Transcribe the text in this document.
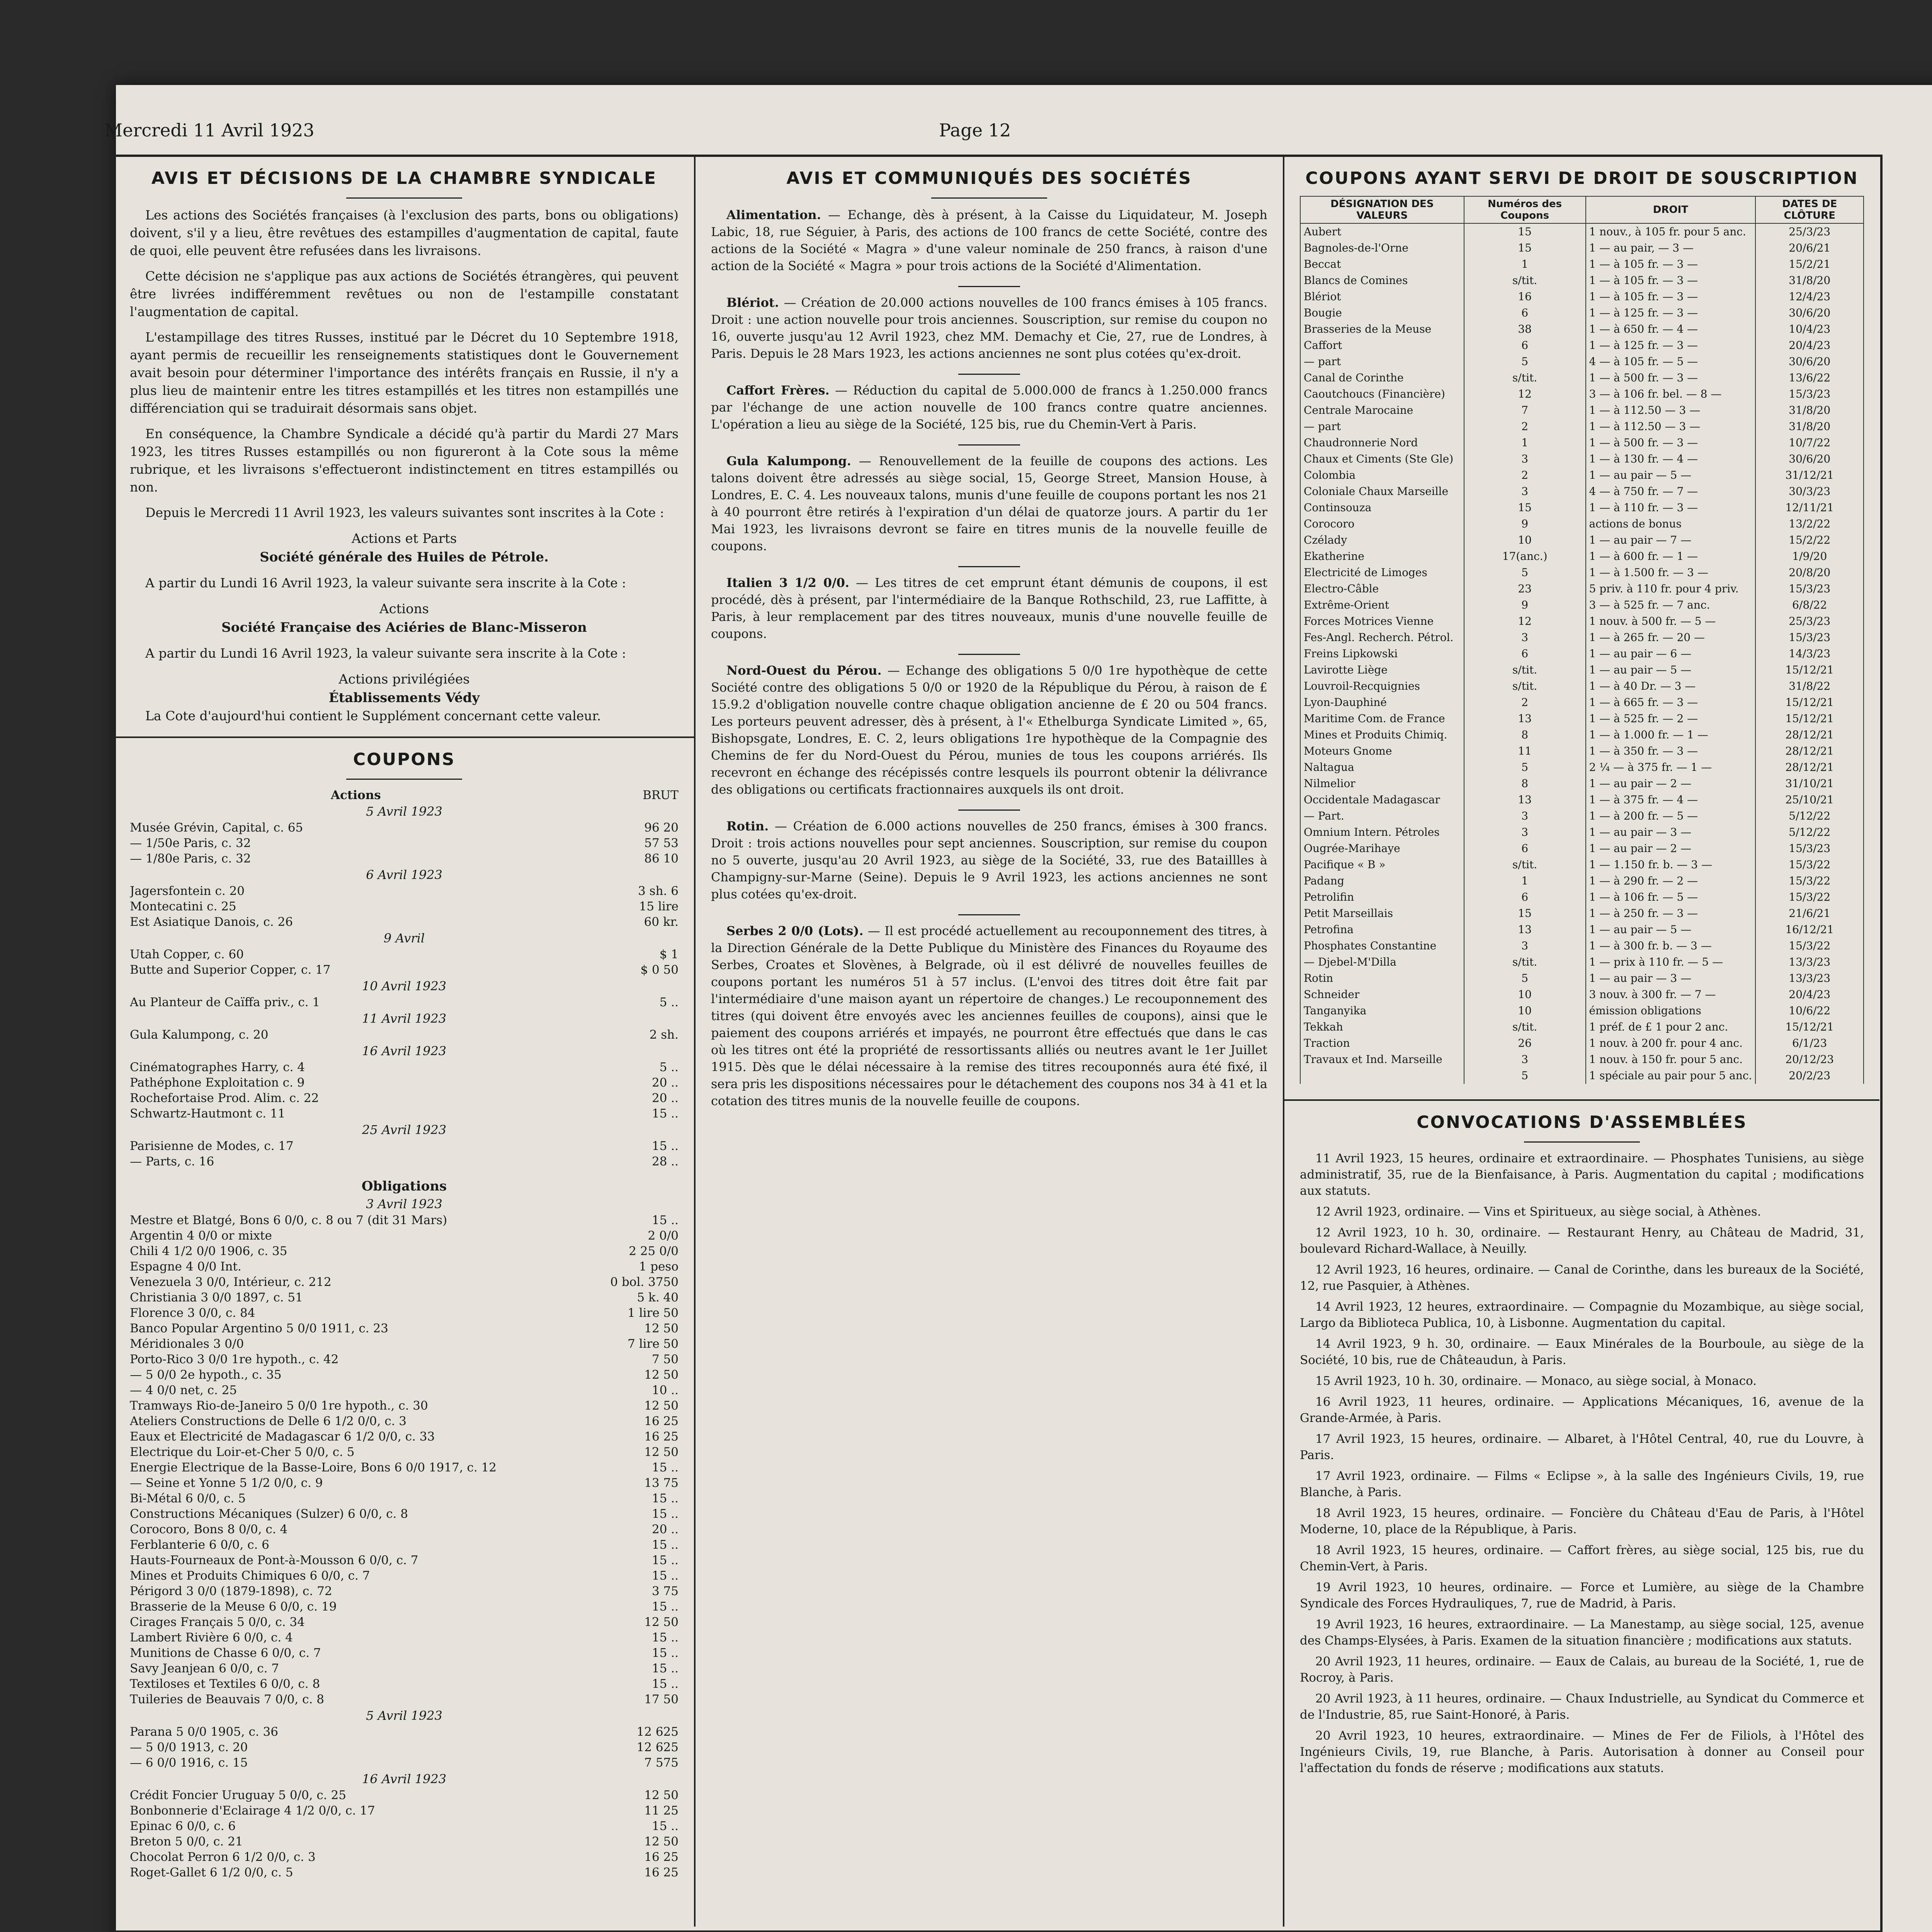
Mercredi 11 Avril 1923	Page 12
AVIS ET DÉCISIONS DE LA CHAMBRE SYNDICALE
Les actions des Sociétés françaises (à l'exclusion des parts, bons ou obligations) doivent, s'il y a lieu, être revêtues des estampilles d'augmentation de capital, faute de quoi, elle peuvent être refusées dans les livraisons.
Cette décision ne s'applique pas aux actions de Sociétés étrangères, qui peuvent être livrées indifféremment revêtues ou non de l'estampille constatant l'augmentation de capital.
L'estampillage des titres Russes, institué par le Décret du 10 Septembre 1918, ayant permis de recueillir les renseignements statistiques dont le Gouvernement avait besoin pour déterminer l'importance des intérêts français en Russie, il n'y a plus lieu de maintenir entre les titres estampillés et les titres non estampillés une différenciation qui se traduirait désormais sans objet.
En conséquence, la Chambre Syndicale a décidé qu'à partir du Mardi 27 Mars 1923, les titres Russes estampillés ou non figureront à la Cote sous la même rubrique, et les livraisons s'effectueront indistinctement en titres estampillés ou non.
Depuis le Mercredi 11 Avril 1923, les valeurs suivantes sont inscrites à la Cote :
Actions et Parts
Société générale des Huiles de Pétrole.
A partir du Lundi 16 Avril 1923, la valeur suivante sera inscrite à la Cote :
Actions
Société Française des Aciéries de Blanc-Misseron
A partir du Lundi 16 Avril 1923, la valeur suivante sera inscrite à la Cote :
Actions privilégiées
Établissements Védy
La Cote d'aujourd'hui contient le Supplément concernant cette valeur.
COUPONS
Actions	BRUT
5 Avril 1923
Musée Grévin, Capital, c. 65	96 20
— 1/50e Paris, c. 32	57 53
— 1/80e Paris, c. 32	86 10
6 Avril 1923
Jagersfontein c. 20	3 sh. 6
Montecatini c. 25	15 lire
Est Asiatique Danois, c. 26	60 kr.
9 Avril
Utah Copper, c. 60	$ 1
Butte and Superior Copper, c. 17	$ 0 50
10 Avril 1923
Au Planteur de Caïffa priv., c. 1	5 ..
11 Avril 1923
Gula Kalumpong, c. 20	2 sh.
16 Avril 1923
Cinématographes Harry, c. 4	5 ..
Pathéphone Exploitation c. 9	20 ..
Rochefortaise Prod. Alim. c. 22	20 ..
Schwartz-Hautmont c. 11	15 ..
25 Avril 1923
Parisienne de Modes, c. 17	15 ..
— Parts, c. 16	28 ..
Obligations
3 Avril 1923
Mestre et Blatgé, Bons 6 0/0, c. 8 ou 7 (dit 31 Mars)	15 ..
Argentin 4 0/0 or mixte	2 0/0
Chili 4 1/2 0/0 1906, c. 35	2 25 0/0
Espagne 4 0/0 Int.	1 peso
Venezuela 3 0/0, Intérieur, c. 212	0 bol. 3750
Christiania 3 0/0 1897, c. 51	5 k. 40
Florence 3 0/0, c. 84	1 lire 50
Banco Popular Argentino 5 0/0 1911, c. 23	12 50
Méridionales 3 0/0	7 lire 50
Porto-Rico 3 0/0 1re hypoth., c. 42	7 50
— 5 0/0 2e hypoth., c. 35	12 50
— 4 0/0 net, c. 25	10 ..
Tramways Rio-de-Janeiro 5 0/0 1re hypoth., c. 30	12 50
Ateliers Constructions de Delle 6 1/2 0/0, c. 3	16 25
Eaux et Electricité de Madagascar 6 1/2 0/0, c. 33	16 25
Electrique du Loir-et-Cher 5 0/0, c. 5	12 50
Energie Electrique de la Basse-Loire, Bons 6 0/0 1917, c. 12	15 ..
— Seine et Yonne 5 1/2 0/0, c. 9	13 75
Bi-Métal 6 0/0, c. 5	15 ..
Constructions Mécaniques (Sulzer) 6 0/0, c. 8	15 ..
Corocoro, Bons 8 0/0, c. 4	20 ..
Ferblanterie 6 0/0, c. 6	15 ..
Hauts-Fourneaux de Pont-à-Mousson 6 0/0, c. 7	15 ..
Mines et Produits Chimiques 6 0/0, c. 7	15 ..
Périgord 3 0/0 (1879-1898), c. 72	3 75
Brasserie de la Meuse 6 0/0, c. 19	15 ..
Cirages Français 5 0/0, c. 34	12 50
Lambert Rivière 6 0/0, c. 4	15 ..
Munitions de Chasse 6 0/0, c. 7	15 ..
Savy Jeanjean 6 0/0, c. 7	15 ..
Textiloses et Textiles 6 0/0, c. 8	15 ..
Tuileries de Beauvais 7 0/0, c. 8	17 50
5 Avril 1923
Parana 5 0/0 1905, c. 36	12 625
— 5 0/0 1913, c. 20	12 625
— 6 0/0 1916, c. 15	7 575
16 Avril 1923
Crédit Foncier Uruguay 5 0/0, c. 25	12 50
Bonbonnerie d'Eclairage 4 1/2 0/0, c. 17	11 25
Epinac 6 0/0, c. 6	15 ..
Breton 5 0/0, c. 21	12 50
Chocolat Perron 6 1/2 0/0, c. 3	16 25
Roget-Gallet 6 1/2 0/0, c. 5	16 25
AVIS ET COMMUNIQUÉS DES SOCIÉTÉS
Alimentation. — Echange, dès à présent, à la Caisse du Liquidateur, M. Joseph Labic, 18, rue Séguier, à Paris, des actions de 100 francs de cette Société, contre des actions de la Société « Magra » d'une valeur nominale de 250 francs, à raison d'une action de la Société « Magra » pour trois actions de la Société d'Alimentation.
Blériot. — Création de 20.000 actions nouvelles de 100 francs émises à 105 francs. Droit : une action nouvelle pour trois anciennes. Souscription, sur remise du coupon no 16, ouverte jusqu'au 12 Avril 1923, chez MM. Demachy et Cie, 27, rue de Londres, à Paris. Depuis le 28 Mars 1923, les actions anciennes ne sont plus cotées qu'ex-droit.
Caffort Frères. — Réduction du capital de 5.000.000 de francs à 1.250.000 francs par l'échange de une action nouvelle de 100 francs contre quatre anciennes. L'opération a lieu au siège de la Société, 125 bis, rue du Chemin-Vert à Paris.
Gula Kalumpong. — Renouvellement de la feuille de coupons des actions. Les talons doivent être adressés au siège social, 15, George Street, Mansion House, à Londres, E. C. 4. Les nouveaux talons, munis d'une feuille de coupons portant les nos 21 à 40 pourront être retirés à l'expiration d'un délai de quatorze jours. A partir du 1er Mai 1923, les livraisons devront se faire en titres munis de la nouvelle feuille de coupons.
Italien 3 1/2 0/0. — Les titres de cet emprunt étant démunis de coupons, il est procédé, dès à présent, par l'intermédiaire de la Banque Rothschild, 23, rue Laffitte, à Paris, à leur remplacement par des titres nouveaux, munis d'une nouvelle feuille de coupons.
Nord-Ouest du Pérou. — Echange des obligations 5 0/0 1re hypothèque de cette Société contre des obligations 5 0/0 or 1920 de la République du Pérou, à raison de £ 15.9.2 d'obligation nouvelle contre chaque obligation ancienne de £ 20 ou 504 francs. Les porteurs peuvent adresser, dès à présent, à l'« Ethelburga Syndicate Limited », 65, Bishopsgate, Londres, E. C. 2, leurs obligations 1re hypothèque de la Compagnie des Chemins de fer du Nord-Ouest du Pérou, munies de tous les coupons arriérés. Ils recevront en échange des récépissés contre lesquels ils pourront obtenir la délivrance des obligations ou certificats fractionnaires auxquels ils ont droit.
Rotin. — Création de 6.000 actions nouvelles de 250 francs, émises à 300 francs. Droit : trois actions nouvelles pour sept anciennes. Souscription, sur remise du coupon no 5 ouverte, jusqu'au 20 Avril 1923, au siège de la Société, 33, rue des Bataillles à Champigny-sur-Marne (Seine). Depuis le 9 Avril 1923, les actions anciennes ne sont plus cotées qu'ex-droit.
Serbes 2 0/0 (Lots). — Il est procédé actuellement au recouponnement des titres, à la Direction Générale de la Dette Publique du Ministère des Finances du Royaume des Serbes, Croates et Slovènes, à Belgrade, où il est délivré de nouvelles feuilles de coupons portant les numéros 51 à 57 inclus. (L'envoi des titres doit être fait par l'intermédiaire d'une maison ayant un répertoire de changes.) Le recouponnement des titres (qui doivent être envoyés avec les anciennes feuilles de coupons), ainsi que le paiement des coupons arriérés et impayés, ne pourront être effectués que dans le cas où les titres ont été la propriété de ressortissants alliés ou neutres avant le 1er Juillet 1915. Dès que le délai nécessaire à la remise des titres recouponnés aura été fixé, il sera pris les dispositions nécessaires pour le détachement des coupons nos 34 à 41 et la cotation des titres munis de la nouvelle feuille de coupons.
COUPONS AYANT SERVI DE DROIT DE SOUSCRIPTION
DÉSIGNATION DES VALEURS	Numéros des Coupons	DROIT	DATES DE CLÔTURE
Aubert	15	1 nouv., à 105 fr. pour 5 anc.	25/3/23
Bagnoles-de-l'Orne	15	1 — au pair, — 3 —	20/6/21
Beccat	1	1 — à 105 fr. — 3 —	15/2/21
Blancs de Comines	s/tit.	1 — à 105 fr. — 3 —	31/8/20
Blériot	16	1 — à 105 fr. — 3 —	12/4/23
Bougie	6	1 — à 125 fr. — 3 —	30/6/20
Brasseries de la Meuse	38	1 — à 650 fr. — 4 —	10/4/23
Caffort	6	1 — à 125 fr. — 3 —	20/4/23
— part	5	4 — à 105 fr. — 5 —	30/6/20
Canal de Corinthe	s/tit.	1 — à 500 fr. — 3 —	13/6/22
Caoutchoucs (Financière)	12	3 — à 106 fr. bel. — 8 —	15/3/23
Centrale Marocaine	7	1 — à 112.50 — 3 —	31/8/20
— part	2	1 — à 112.50 — 3 —	31/8/20
Chaudronnerie Nord	1	1 — à 500 fr. — 3 —	10/7/22
Chaux et Ciments (Ste Gle)	3	1 — à 130 fr. — 4 —	30/6/20
Colombia	2	1 — au pair — 5 —	31/12/21
Coloniale Chaux Marseille	3	4 — à 750 fr. — 7 —	30/3/23
Continsouza	15	1 — à 110 fr. — 3 —	12/11/21
Corocoro	9	actions de bonus	13/2/22
Czélady	10	1 — au pair — 7 —	15/2/22
Ekatherine	17(anc.)	1 — à 600 fr. — 1 —	1/9/20
Electricité de Limoges	5	1 — à 1.500 fr. — 3 —	20/8/20
Electro-Câble	23	5 priv. à 110 fr. pour 4 priv.	15/3/23
Extrême-Orient	9	3 — à 525 fr. — 7 anc.	6/8/22
Forces Motrices Vienne	12	1 nouv. à 500 fr. — 5 —	25/3/23
Fes-Angl. Recherch. Pétrol.	3	1 — à 265 fr. — 20 —	15/3/23
Freins Lipkowski	6	1 — au pair — 6 —	14/3/23
Lavirotte Liège	s/tit.	1 — au pair — 5 —	15/12/21
Louvroil-Recquignies	s/tit.	1 — à 40 Dr. — 3 —	31/8/22
Lyon-Dauphiné	2	1 — à 665 fr. — 3 —	15/12/21
Maritime Com. de France	13	1 — à 525 fr. — 2 —	15/12/21
Mines et Produits Chimiq.	8	1 — à 1.000 fr. — 1 —	28/12/21
Moteurs Gnome	11	1 — à 350 fr. — 3 —	28/12/21
Naltagua	5	2 ¼ — à 375 fr. — 1 —	28/12/21
Nilmelior	8	1 — au pair — 2 —	31/10/21
Occidentale Madagascar	13	1 — à 375 fr. — 4 —	25/10/21
— Part.	3	1 — à 200 fr. — 5 —	5/12/22
Omnium Intern. Pétroles	3	1 — au pair — 3 —	5/12/22
Ougrée-Marihaye	6	1 — au pair — 2 —	15/3/23
Pacifique « B »	s/tit.	1 — 1.150 fr. b. — 3 —	15/3/22
Padang	1	1 — à 290 fr. — 2 —	15/3/22
Petrolifin	6	1 — à 106 fr. — 5 —	15/3/22
Petit Marseillais	15	1 — à 250 fr. — 3 —	21/6/21
Petrofina	13	1 — au pair — 5 —	16/12/21
Phosphates Constantine	3	1 — à 300 fr. b. — 3 —	15/3/22
— Djebel-M'Dilla	s/tit.	1 — prix à 110 fr. — 5 —	13/3/23
Rotin	5	1 — au pair — 3 —	13/3/23
Schneider	10	3 nouv. à 300 fr. — 7 —	20/4/23
Tanganyika	10	émission obligations	10/6/22
Tekkah	s/tit.	1 préf. de £ 1 pour 2 anc.	15/12/21
Traction	26	1 nouv. à 200 fr. pour 4 anc.	6/1/23
Travaux et Ind. Marseille	3	1 nouv. à 150 fr. pour 5 anc.	20/12/23
	5	1 spéciale au pair pour 5 anc.	20/2/23
CONVOCATIONS D'ASSEMBLÉES
11 Avril 1923, 15 heures, ordinaire et extraordinaire. — Phosphates Tunisiens, au siège administratif, 35, rue de la Bienfaisance, à Paris. Augmentation du capital ; modifications aux statuts.
12 Avril 1923, ordinaire. — Vins et Spiritueux, au siège social, à Athènes.
12 Avril 1923, 10 h. 30, ordinaire. — Restaurant Henry, au Château de Madrid, 31, boulevard Richard-Wallace, à Neuilly.
12 Avril 1923, 16 heures, ordinaire. — Canal de Corinthe, dans les bureaux de la Société, 12, rue Pasquier, à Athènes.
14 Avril 1923, 12 heures, extraordinaire. — Compagnie du Mozambique, au siège social, Largo da Biblioteca Publica, 10, à Lisbonne. Augmentation du capital.
14 Avril 1923, 9 h. 30, ordinaire. — Eaux Minérales de la Bourboule, au siège de la Société, 10 bis, rue de Châteaudun, à Paris.
15 Avril 1923, 10 h. 30, ordinaire. — Monaco, au siège social, à Monaco.
16 Avril 1923, 11 heures, ordinaire. — Applications Mécaniques, 16, avenue de la Grande-Armée, à Paris.
17 Avril 1923, 15 heures, ordinaire. — Albaret, à l'Hôtel Central, 40, rue du Louvre, à Paris.
17 Avril 1923, ordinaire. — Films « Eclipse », à la salle des Ingénieurs Civils, 19, rue Blanche, à Paris.
18 Avril 1923, 15 heures, ordinaire. — Foncière du Château d'Eau de Paris, à l'Hôtel Moderne, 10, place de la République, à Paris.
18 Avril 1923, 15 heures, ordinaire. — Caffort frères, au siège social, 125 bis, rue du Chemin-Vert, à Paris.
19 Avril 1923, 10 heures, ordinaire. — Force et Lumière, au siège de la Chambre Syndicale des Forces Hydrauliques, 7, rue de Madrid, à Paris.
19 Avril 1923, 16 heures, extraordinaire. — La Manestamp, au siège social, 125, avenue des Champs-Elysées, à Paris. Examen de la situation financière ; modifications aux statuts.
20 Avril 1923, 11 heures, ordinaire. — Eaux de Calais, au bureau de la Société, 1, rue de Rocroy, à Paris.
20 Avril 1923, à 11 heures, ordinaire. — Chaux Industrielle, au Syndicat du Commerce et de l'Industrie, 85, rue Saint-Honoré, à Paris.
20 Avril 1923, 10 heures, extraordinaire. — Mines de Fer de Filiols, à l'Hôtel des Ingénieurs Civils, 19, rue Blanche, à Paris. Autorisation à donner au Conseil pour l'affectation du fonds de réserve ; modifications aux statuts.
